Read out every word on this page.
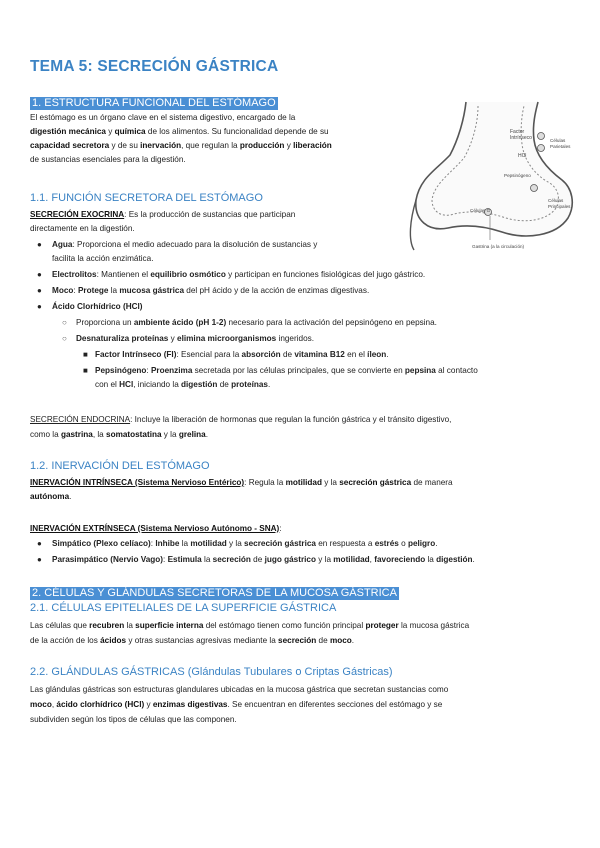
TEMA 5: SECRECIÓN GÁSTRICA
1. ESTRUCTURA FUNCIONAL DEL ESTÓMAGO
El estómago es un órgano clave en el sistema digestivo, encargado de la
digestión mecánica y química de los alimentos. Su funcionalidad depende de su
capacidad secretora y de su inervación, que regulan la producción y liberación
de sustancias esenciales para la digestión.
Factor
Intrínseco
HCl
Células
Parietales
Pepsinógeno
Células
Principales
Células G
Gastrina (a la circulación)
1.1. FUNCIÓN SECRETORA DEL ESTÓMAGO
SECRECIÓN EXOCRINA: Es la producción de sustancias que participan
directamente en la digestión.
● Agua: Proporciona el medio adecuado para la disolución de sustancias y
facilita la acción enzimática.
● Electrolitos: Mantienen el equilibrio osmótico y participan en funciones fisiológicas del jugo gástrico.
● Moco: Protege la mucosa gástrica del pH ácido y de la acción de enzimas digestivas.
● Ácido Clorhídrico (HCl)
○ Proporciona un ambiente ácido (pH 1-2) necesario para la activación del pepsinógeno en pepsina.
○ Desnaturaliza proteínas y elimina microorganismos ingeridos.
■ Factor Intrínseco (FI): Esencial para la absorción de vitamina B12 en el íleon.
■ Pepsinógeno: Proenzima secretada por las células principales, que se convierte en pepsina al contacto
con el HCl, iniciando la digestión de proteínas.
SECRECIÓN ENDOCRINA: Incluye la liberación de hormonas que regulan la función gástrica y el tránsito digestivo,
como la gastrina, la somatostatina y la grelina.
1.2. INERVACIÓN DEL ESTÓMAGO
INERVACIÓN INTRÍNSECA (Sistema Nervioso Entérico): Regula la motilidad y la secreción gástrica de manera
autónoma.
INERVACIÓN EXTRÍNSECA (Sistema Nervioso Autónomo - SNA):
● Simpático (Plexo celíaco): Inhibe la motilidad y la secreción gástrica en respuesta a estrés o peligro.
● Parasimpático (Nervio Vago): Estimula la secreción de jugo gástrico y la motilidad, favoreciendo la digestión.
2. CÉLULAS Y GLÁNDULAS SECRETORAS DE LA MUCOSA GÁSTRICA
2.1. CÉLULAS EPITELIALES DE LA SUPERFICIE GÁSTRICA
Las células que recubren la superficie interna del estómago tienen como función principal proteger la mucosa gástrica
de la acción de los ácidos y otras sustancias agresivas mediante la secreción de moco.
2.2. GLÁNDULAS GÁSTRICAS (Glándulas Tubulares o Criptas Gástricas)
Las glándulas gástricas son estructuras glandulares ubicadas en la mucosa gástrica que secretan sustancias como
moco, ácido clorhídrico (HCl) y enzimas digestivas. Se encuentran en diferentes secciones del estómago y se
subdividen según los tipos de células que las componen.
